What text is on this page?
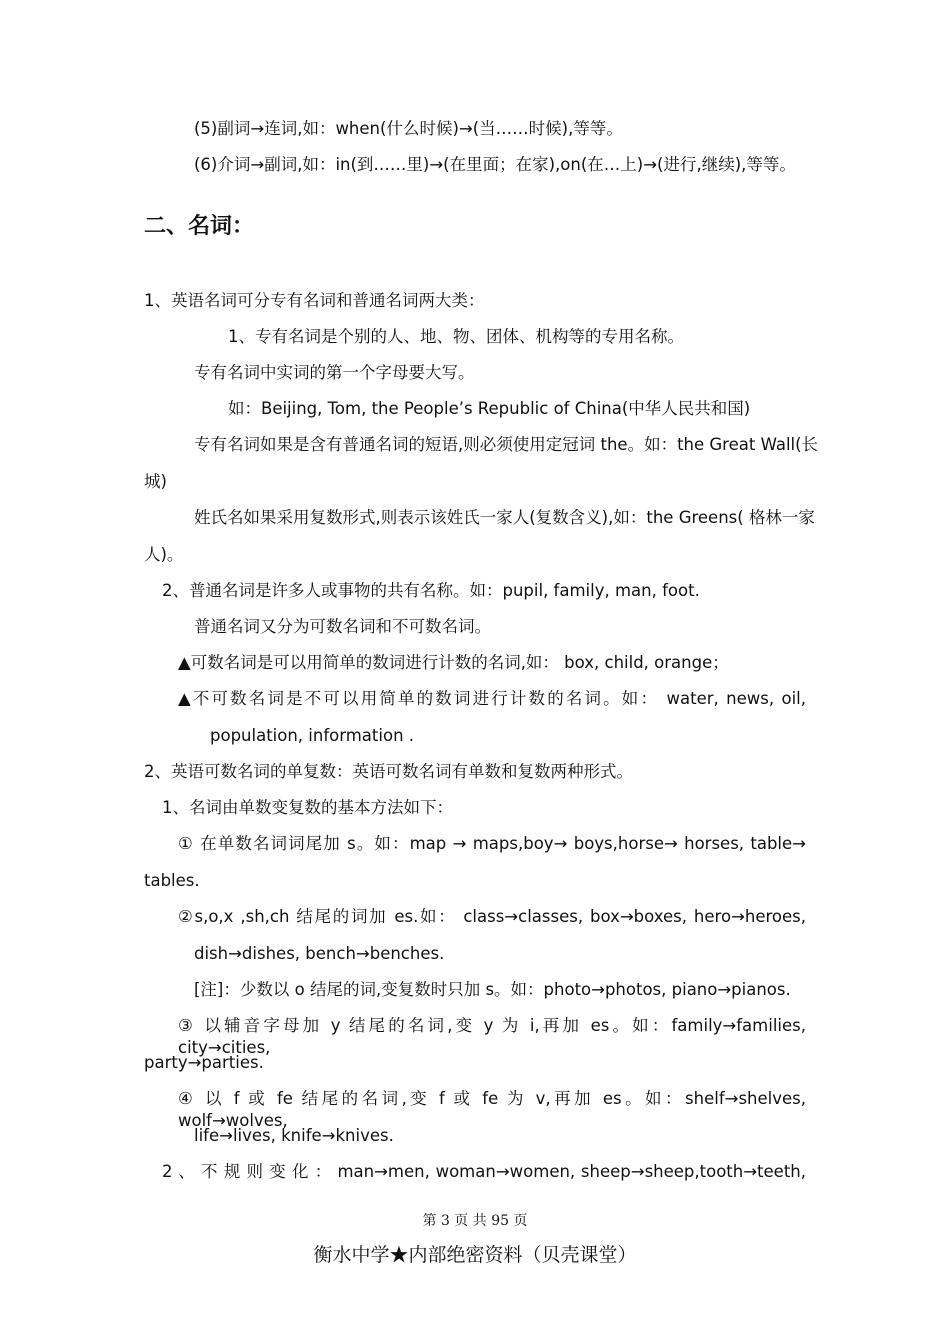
(5)副词→连词,如：when(什么时候)→(当……时候),等等。
(6)介词→副词,如：in(到……里)→(在里面；在家),on(在…上)→(进行,继续),等等。
二、名词：
1、英语名词可分专有名词和普通名词两大类：
1、专有名词是个别的人、地、物、团体、机构等的专用名称。
专有名词中实词的第一个字母要大写。
如：Beijing, Tom, the People’s Republic of China(中华人民共和国)
专有名词如果是含有普通名词的短语,则必须使用定冠词 the。如：the Great Wall(长
城)
姓氏名如果采用复数形式,则表示该姓氏一家人(复数含义),如：the Greens( 格林一家
人)。
2、普通名词是许多人或事物的共有名称。如：pupil, family, man, foot.
普通名词又分为可数名词和不可数名词。
▲可数名词是可以用简单的数词进行计数的名词,如： box, child, orange；
▲不可数名词是不可以用简单的数词进行计数的名词。如： water, news, oil,
population, information .
2、英语可数名词的单复数：英语可数名词有单数和复数两种形式。
1、名词由单数变复数的基本方法如下：
① 在单数名词词尾加 s。如：map → maps,boy→ boys,horse→ horses, table→
tables.
②s,o,x ,sh,ch 结尾的词加 es.如： class→classes, box→boxes, hero→heroes,
dish→dishes, bench→benches.
[注]：少数以 o 结尾的词,变复数时只加 s。如：photo→photos, piano→pianos.
③ 以辅音字母加 y 结尾的名词,变 y 为 i,再加 es。如：family→families, city→cities,
party→parties.
④ 以 f 或 fe 结尾的名词,变 f 或 fe 为 v,再加 es。如：shelf→shelves, wolf→wolves,
life→lives, knife→knives.
2 、 不 规 则 变 化 ： man→men, woman→women, sheep→sheep,tooth→teeth,
第 3 页 共 95 页
衡水中学★内部绝密资料（贝壳课堂）
